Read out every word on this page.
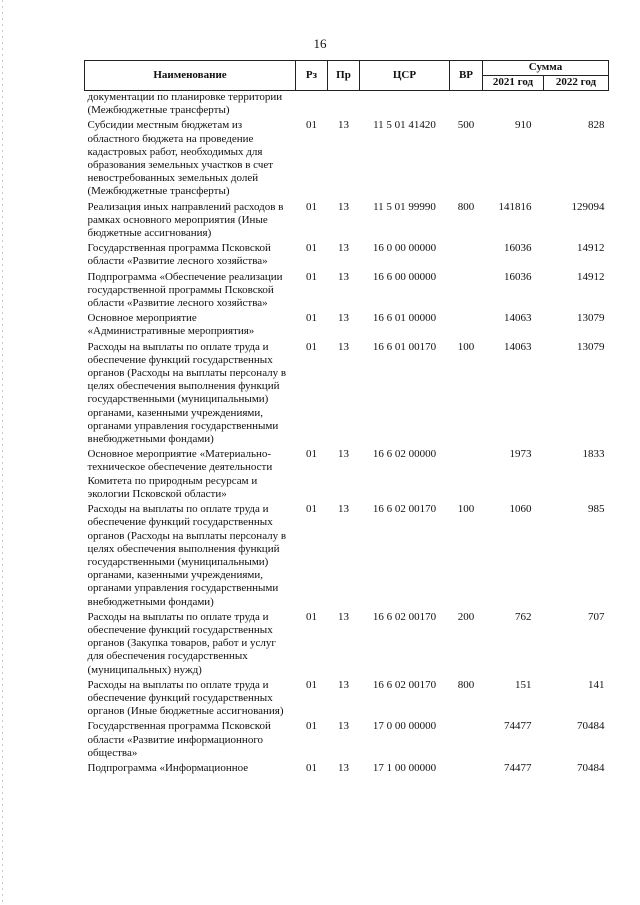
16
Наименование	Рз	Пр	ЦСР	ВР	Сумма	
					2021 год	2022 год
документации по планировке территории (Межбюджетные трансферты)						
Субсидии местным бюджетам из областного бюджета на проведение кадастровых работ, необходимых для образования земельных участков в счет невостребованных земельных долей (Межбюджетные трансферты)	01	13	11 5 01 41420	500	910	828
Реализация иных направлений расходов в рамках основного мероприятия (Иные бюджетные ассигнования)	01	13	11 5 01 99990	800	141816	129094
Государственная программа Псковской области «Развитие лесного хозяйства»	01	13	16 0 00 00000		16036	14912
Подпрограмма «Обеспечение реализации государственной программы Псковской области «Развитие лесного хозяйства»	01	13	16 6 00 00000		16036	14912
Основное мероприятие «Административные мероприятия»	01	13	16 6 01 00000		14063	13079
Расходы на выплаты по оплате труда и обеспечение функций государственных органов (Расходы на выплаты персоналу в целях обеспечения выполнения функций государственными (муниципальными) органами, казенными учреждениями, органами управления государственными внебюджетными фондами)	01	13	16 6 01 00170	100	14063	13079
Основное мероприятие «Материально-техническое обеспечение деятельности Комитета по природным ресурсам и экологии Псковской области»	01	13	16 6 02 00000		1973	1833
Расходы на выплаты по оплате труда и обеспечение функций государственных органов (Расходы на выплаты персоналу в целях обеспечения выполнения функций государственными (муниципальными) органами, казенными учреждениями, органами управления государственными внебюджетными фондами)	01	13	16 6 02 00170	100	1060	985
Расходы на выплаты по оплате труда и обеспечение функций государственных органов (Закупка товаров, работ и услуг для обеспечения государственных (муниципальных) нужд)	01	13	16 6 02 00170	200	762	707
Расходы на выплаты по оплате труда и обеспечение функций государственных органов (Иные бюджетные ассигнования)	01	13	16 6 02 00170	800	151	141
Государственная программа Псковской области «Развитие информационного общества»	01	13	17 0 00 00000		74477	70484
Подпрограмма «Информационное	01	13	17 1 00 00000		74477	70484
